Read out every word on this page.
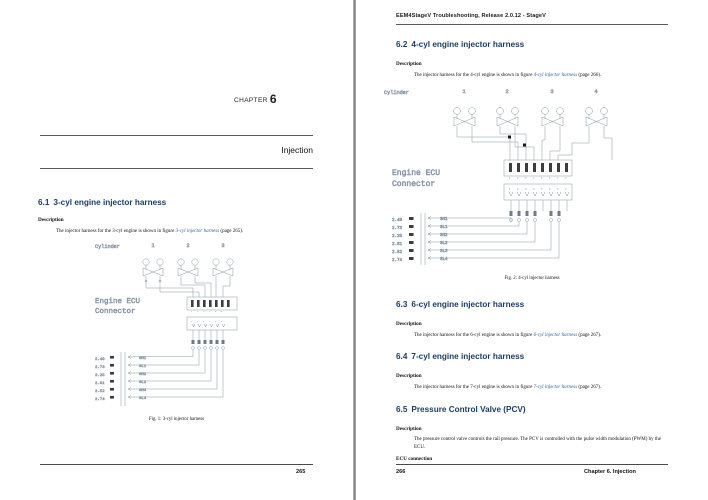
CHAPTER 6
Injection
6.1 3-cyl engine injector harness
Description
The injector harness for the 3-cyl engine is shown in figure 3-cyl injector harness (page 265).
Cylinder	1	2	3
1	2	3	4	5	6
1	2	3	4	5	6
Engine ECU
Connector
2.49
2.73
2.25
2.81
2.52
2.74
SH1
SL1
SH2
SL2
SH3
SL3
Fig. 1: 3-cyl injector harness
265
EEM4StageV Troubleshooting, Release 2.0.12 - StageV
6.2 4-cyl engine injector harness
Description
The injector harness for the 4-cyl engine is shown in figure 4-cyl injector harness (page 266).
Cylinder	1	2	3	4
1	2	3	4	5	6	7	8
1	2	3	4	5	6	7	8
Engine ECU
Connector
2.49
2.73
2.25
2.81
2.52
2.74
SH1
SL1
SH2
SL2
SL3
SL4
Fig. 2: 4-cyl injector harness
6.3 6-cyl engine injector harness
Description
The injector harness for the 6-cyl engine is shown in figure 6-cyl injector harness (page 267).
6.4 7-cyl engine injector harness
Description
The injector harness for the 7-cyl engine is shown in figure 7-cyl injector harness (page 267).
6.5 Pressure Control Valve (PCV)
Description
The pressure control valve controls the rail pressure. The PCV is controlled with the pulse width modulation (PWM) by the ECU.
ECU connection
266	Chapter 6. Injection
